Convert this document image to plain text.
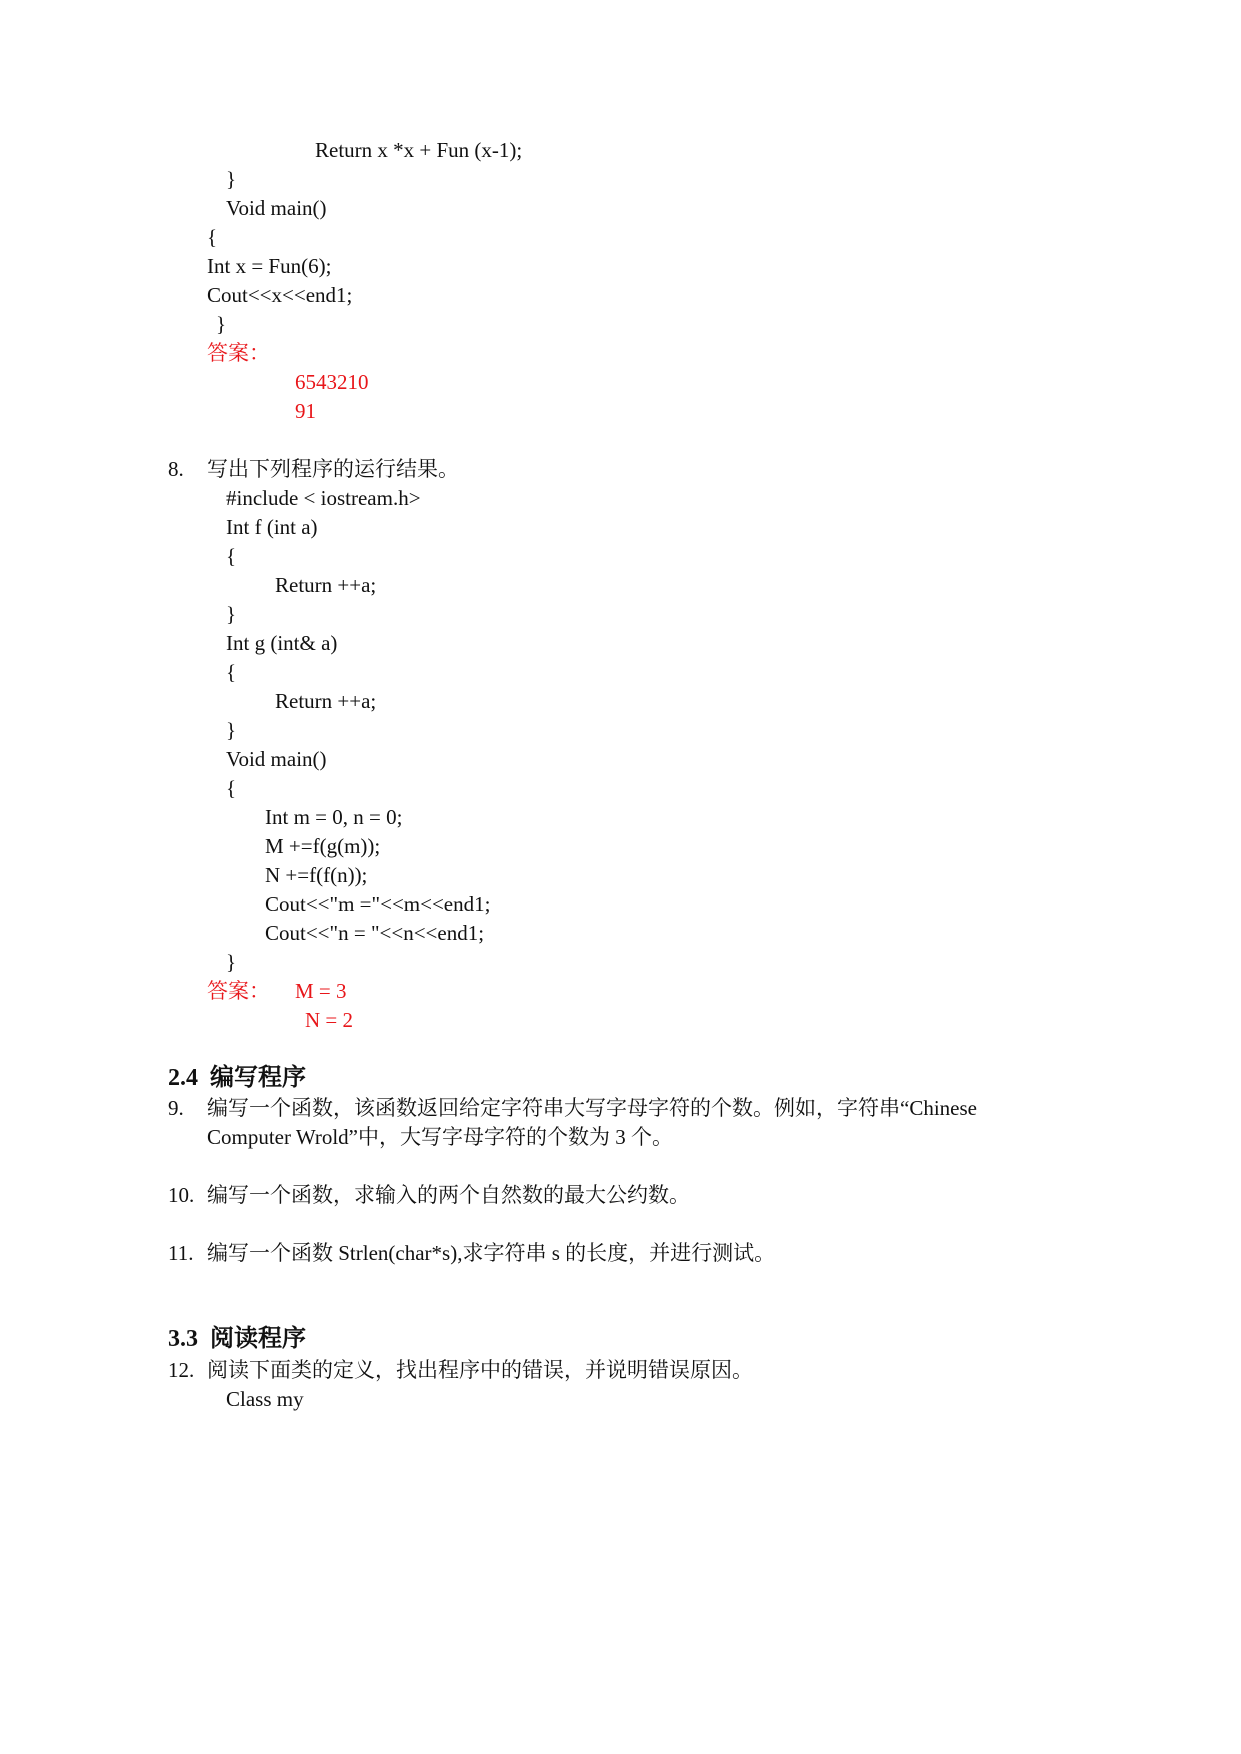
Return x *x + Fun (x-1);
}
Void main()
{
Int x = Fun(6);
Cout<<x<<end1;
}
答案：
6543210
91
8. 写出下列程序的运行结果。
#include < iostream.h>
Int f (int a)
{
Return ++a;
}
Int g (int& a)
{
Return ++a;
}
Void main()
{
Int m = 0, n = 0;
M +=f(g(m));
N +=f(f(n));
Cout<<"m ="<<m<<end1;
Cout<<"n = "<<n<<end1;
}
答案： M = 3
N = 2
2.4  编写程序
9. 编写一个函数，该函数返回给定字符串大写字母字符的个数。例如，字符串“Chinese
Computer Wrold”中，大写字母字符的个数为 3 个。
10. 编写一个函数，求输入的两个自然数的最大公约数。
11. 编写一个函数 Strlen(char*s),求字符串 s 的长度，并进行测试。
3.3  阅读程序
12. 阅读下面类的定义，找出程序中的错误，并说明错误原因。
Class my
